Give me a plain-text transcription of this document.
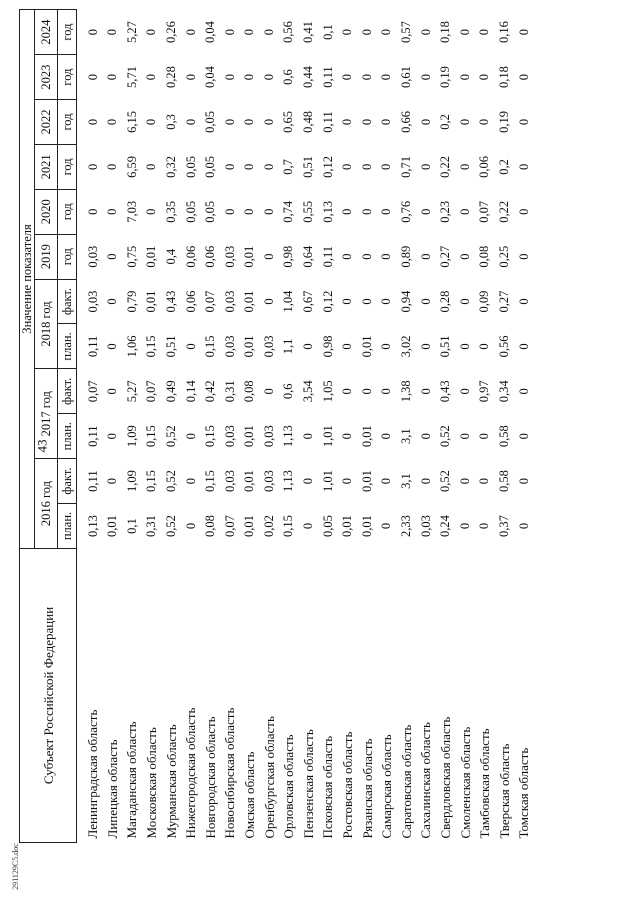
43
Субъект Российской Федерации	Значение показателя											
	2016 год		2017 год		2018 год		2019	2020	2021	2022	2023	2024
	план.	факт.	план.	факт.	план.	факт.	год	год	год	год	год	год
Ленинградская область	0,13	0,11	0,11	0,07	0,11	0,03	0,03	0	0	0	0	0
Липецкая область	0,01	0	0	0	0	0	0	0	0	0	0	0
Магаданская область	0,1	1,09	1,09	5,27	1,06	0,79	0,75	7,03	6,59	6,15	5,71	5,27
Московская область	0,31	0,15	0,15	0,07	0,15	0,01	0,01	0	0	0	0	0
Мурманская область	0,52	0,52	0,52	0,49	0,51	0,43	0,4	0,35	0,32	0,3	0,28	0,26
Нижегородская область	0	0	0	0,14	0	0,06	0,06	0,05	0,05	0	0	0
Новгородская область	0,08	0,15	0,15	0,42	0,15	0,07	0,06	0,05	0,05	0,05	0,04	0,04
Новосибирская область	0,07	0,03	0,03	0,31	0,03	0,03	0,03	0	0	0	0	0
Омская область	0,01	0,01	0,01	0,08	0,01	0,01	0,01	0	0	0	0	0
Оренбургская область	0,02	0,03	0,03	0	0,03	0	0	0	0	0	0	0
Орловская область	0,15	1,13	1,13	0,6	1,1	1,04	0,98	0,74	0,7	0,65	0,6	0,56
Пензенская область	0	0	0	3,54	0	0,67	0,64	0,55	0,51	0,48	0,44	0,41
Псковская область	0,05	1,01	1,01	1,05	0,98	0,12	0,11	0,13	0,12	0,11	0,11	0,1
Ростовская область	0,01	0	0	0	0	0	0	0	0	0	0	0
Рязанская область	0,01	0,01	0,01	0	0,01	0	0	0	0	0	0	0
Самарская область	0	0	0	0	0	0	0	0	0	0	0	0
Саратовская область	2,33	3,1	3,1	1,38	3,02	0,94	0,89	0,76	0,71	0,66	0,61	0,57
Сахалинская область	0,03	0	0	0	0	0	0	0	0	0	0	0
Свердловская область	0,24	0,52	0,52	0,43	0,51	0,28	0,27	0,23	0,22	0,2	0,19	0,18
Смоленская область	0	0	0	0	0	0	0	0	0	0	0	0
Тамбовская область	0	0	0	0,97	0	0,09	0,08	0,07	0,06	0	0	0
Тверская область	0,37	0,58	0,58	0,34	0,56	0,27	0,25	0,22	0,2	0,19	0,18	0,16
Томская область	0	0	0	0	0	0	0	0	0	0	0	0
291129C5.doc
